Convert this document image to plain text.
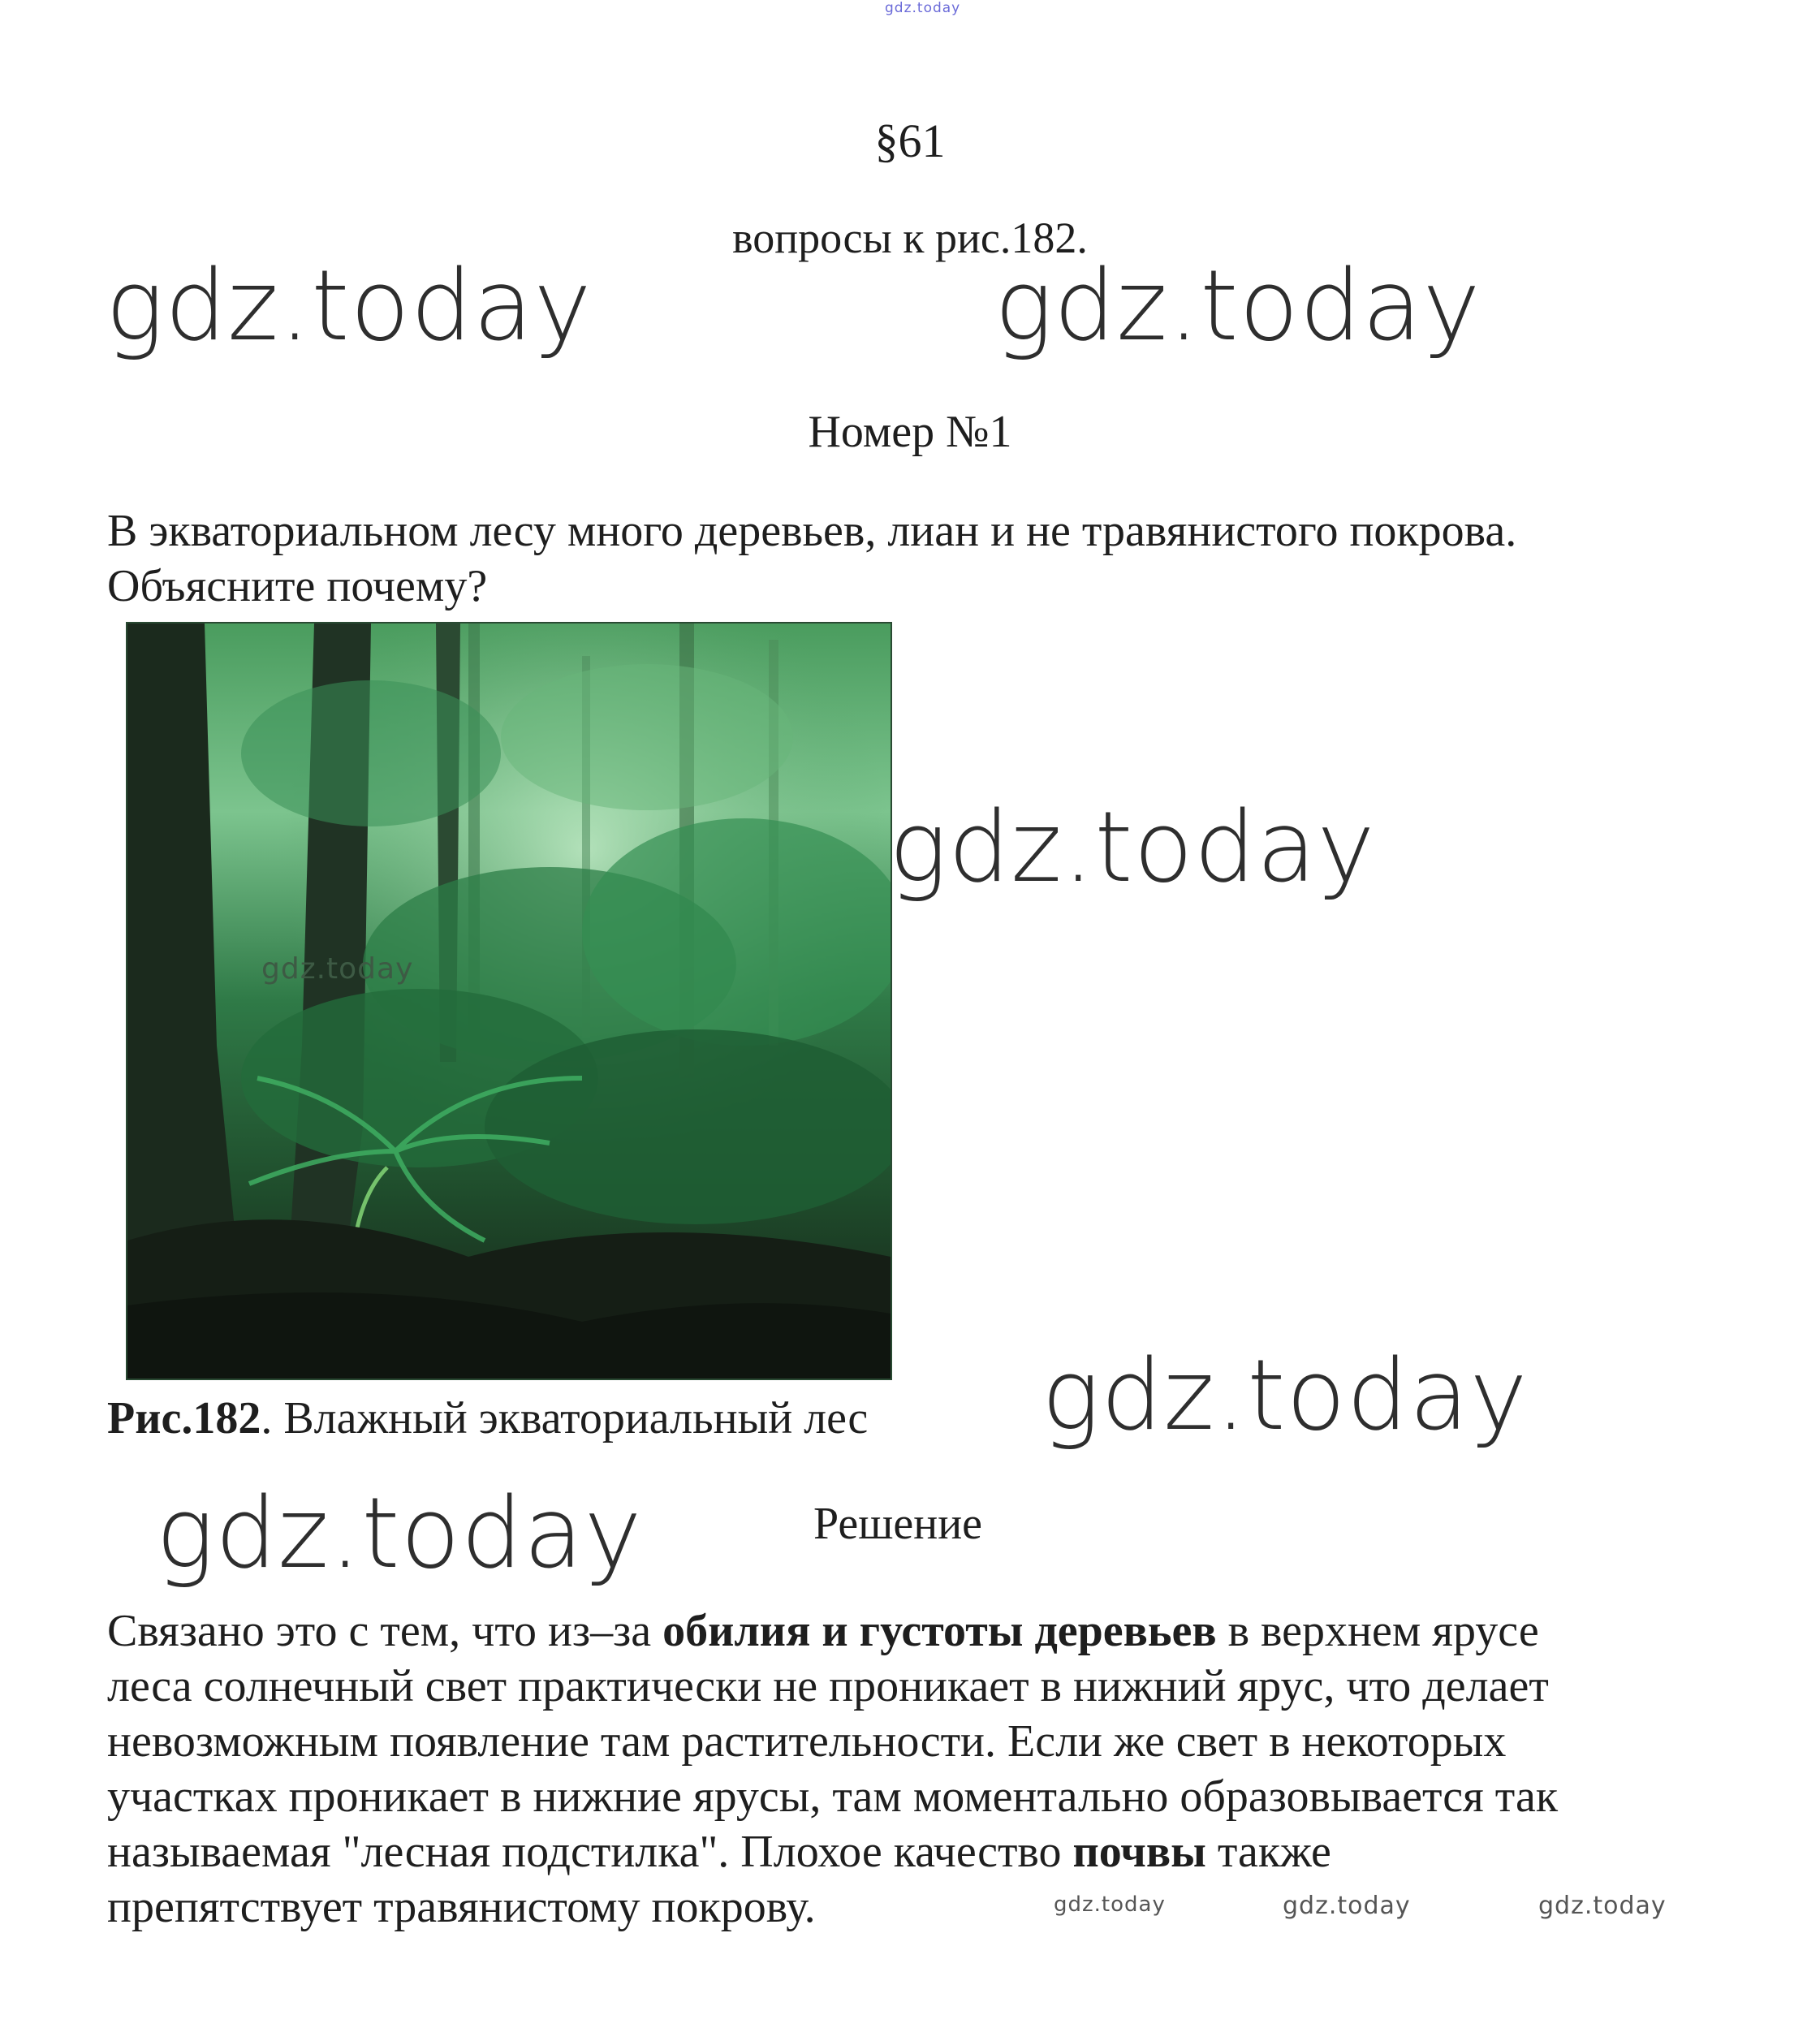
gdz.today
§61
вопросы к рис.182.
gdz.today	gdz.today
Номер №1
В экваториальном лесу много деревьев, лиан и не травянистого покрова.
Объясните почему?
gdz.today
gdz.today
Рис.182. Влажный экваториальный лес gdz.today
gdz.today	Решение
Связано это с тем, что из–за обилия и густоты деревьев в верхнем ярусе
леса солнечный свет практически не проникает в нижний ярус, что делает
невозможным появление там растительности. Если же свет в некоторых
участках проникает в нижние ярусы, там моментально образовывается так
называемая "лесная подстилка". Плохое качество почвы также
препятствует травянистому покрову.	gdz.today	gdz.today	gdz.today
